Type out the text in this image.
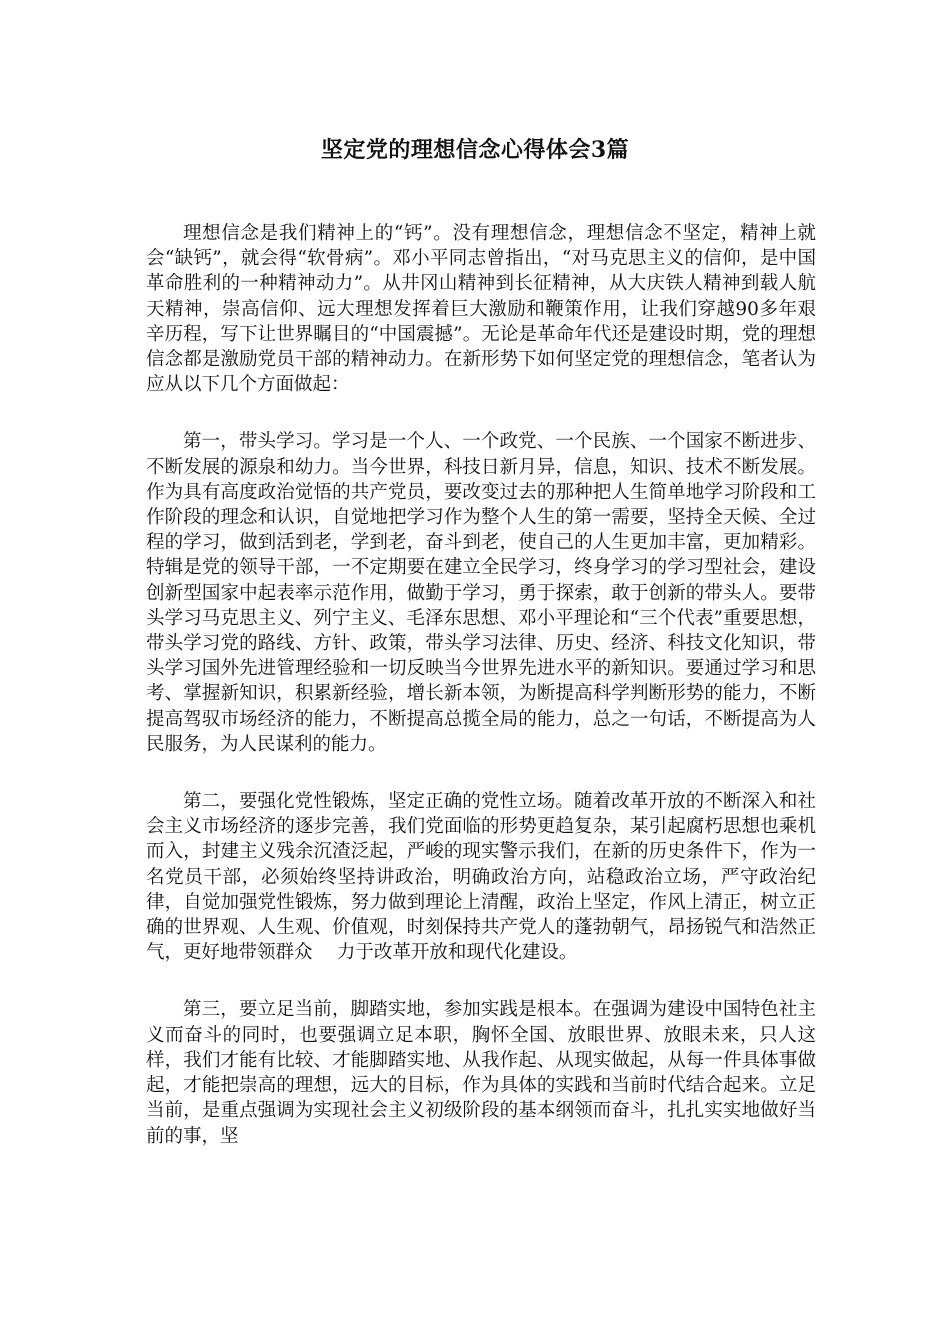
坚定党的理想信念心得体会3篇

理想信念是我们精神上的“钙”。没有理想信念，理想信念不坚定，精神上就会“缺钙”，就会得“软骨病”。邓小平同志曾指出，“对马克思主义的信仰，是中国革命胜利的一种精神动力”。从井冈山精神到长征精神，从大庆铁人精神到载人航天精神，崇高信仰、远大理想发挥着巨大激励和鞭策作用，让我们穿越90多年艰辛历程，写下让世界瞩目的“中国震撼”。无论是革命年代还是建设时期，党的理想信念都是激励党员干部的精神动力。在新形势下如何坚定党的理想信念，笔者认为应从以下几个方面做起：

第一，带头学习。学习是一个人、一个政党、一个民族、一个国家不断进步、不断发展的源泉和幼力。当今世界，科技日新月异，信息，知识、技术不断发展。作为具有高度政治觉悟的共产党员，要改变过去的那种把人生简单地学习阶段和工作阶段的理念和认识，自觉地把学习作为整个人生的第一需要，坚持全天候、全过程的学习，做到活到老，学到老，奋斗到老，使自己的人生更加丰富，更加精彩。特辑是党的领导干部，一不定期要在建立全民学习，终身学习的学习型社会，建设创新型国家中起表率示范作用，做勤于学习，勇于探索，敢于创新的带头人。要带头学习马克思主义、列宁主义、毛泽东思想、邓小平理论和“三个代表”重要思想，带头学习党的路线、方针、政策，带头学习法律、历史、经济、科技文化知识，带头学习国外先进管理经验和一切反映当今世界先进水平的新知识。要通过学习和思考、掌握新知识，积累新经验，增长新本领，为断提高科学判断形势的能力，不断提高驾驭市场经济的能力，不断提高总揽全局的能力，总之一句话，不断提高为人民服务，为人民谋利的能力。

第二，要强化党性锻炼，坚定正确的党性立场。随着改革开放的不断深入和社会主义市场经济的逐步完善，我们党面临的形势更趋复杂，某引起腐朽思想也乘机而入，封建主义残余沉渣泛起，严峻的现实警示我们，在新的历史条件下，作为一名党员干部，必须始终坚持讲政治，明确政治方向，站稳政治立场，严守政治纪律，自觉加强党性锻炼，努力做到理论上清醒，政治上坚定，作风上清正，树立正确的世界观、人生观、价值观，时刻保持共产党人的蓬勃朝气，昂扬锐气和浩然正气，更好地带领群众　 力于改革开放和现代化建设。

第三，要立足当前，脚踏实地，参加实践是根本。在强调为建设中国特色社主义而奋斗的同时，也要强调立足本职，胸怀全国、放眼世界、放眼未来，只人这样，我们才能有比较、才能脚踏实地、从我作起、从现实做起，从每一件具体事做起，才能把崇高的理想，远大的目标，作为具体的实践和当前时代结合起来。立足当前，是重点强调为实现社会主义初级阶段的基本纲领而奋斗，扎扎实实地做好当前的事，坚
